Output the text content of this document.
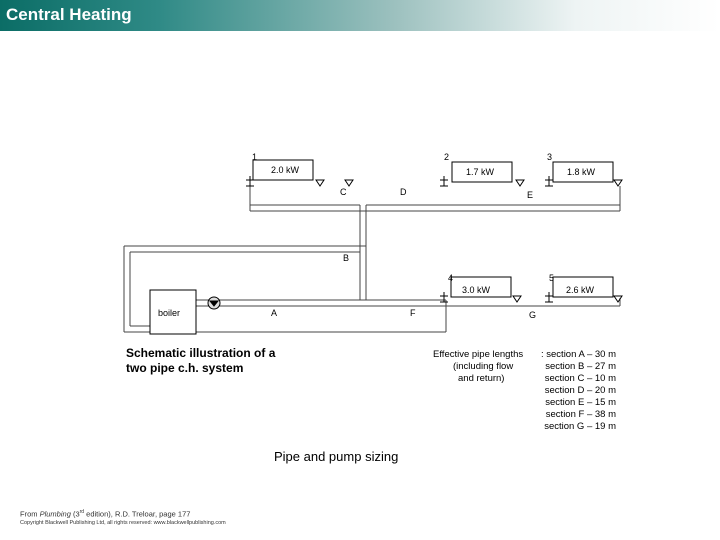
Central Heating
1
2.0 kW
2
1.7 kW
3
1.8 kW
4
3.0 kW
5
2.6 kW
A
B
C	D	E
F	G
boiler
Schematic illustration of a
two pipe c.h. system
Effective pipe lengths
(including flow
and return)
: section A – 30 m
section B – 27 m
section C – 10 m
section D – 20 m
section E – 15 m
section F – 38 m
section G – 19 m
Pipe and pump sizing
From Plumbing (3rd edition), R.D. Treloar, page 177
Copyright Blackwell Publishing Ltd, all rights reserved: www.blackwellpublishing.com
